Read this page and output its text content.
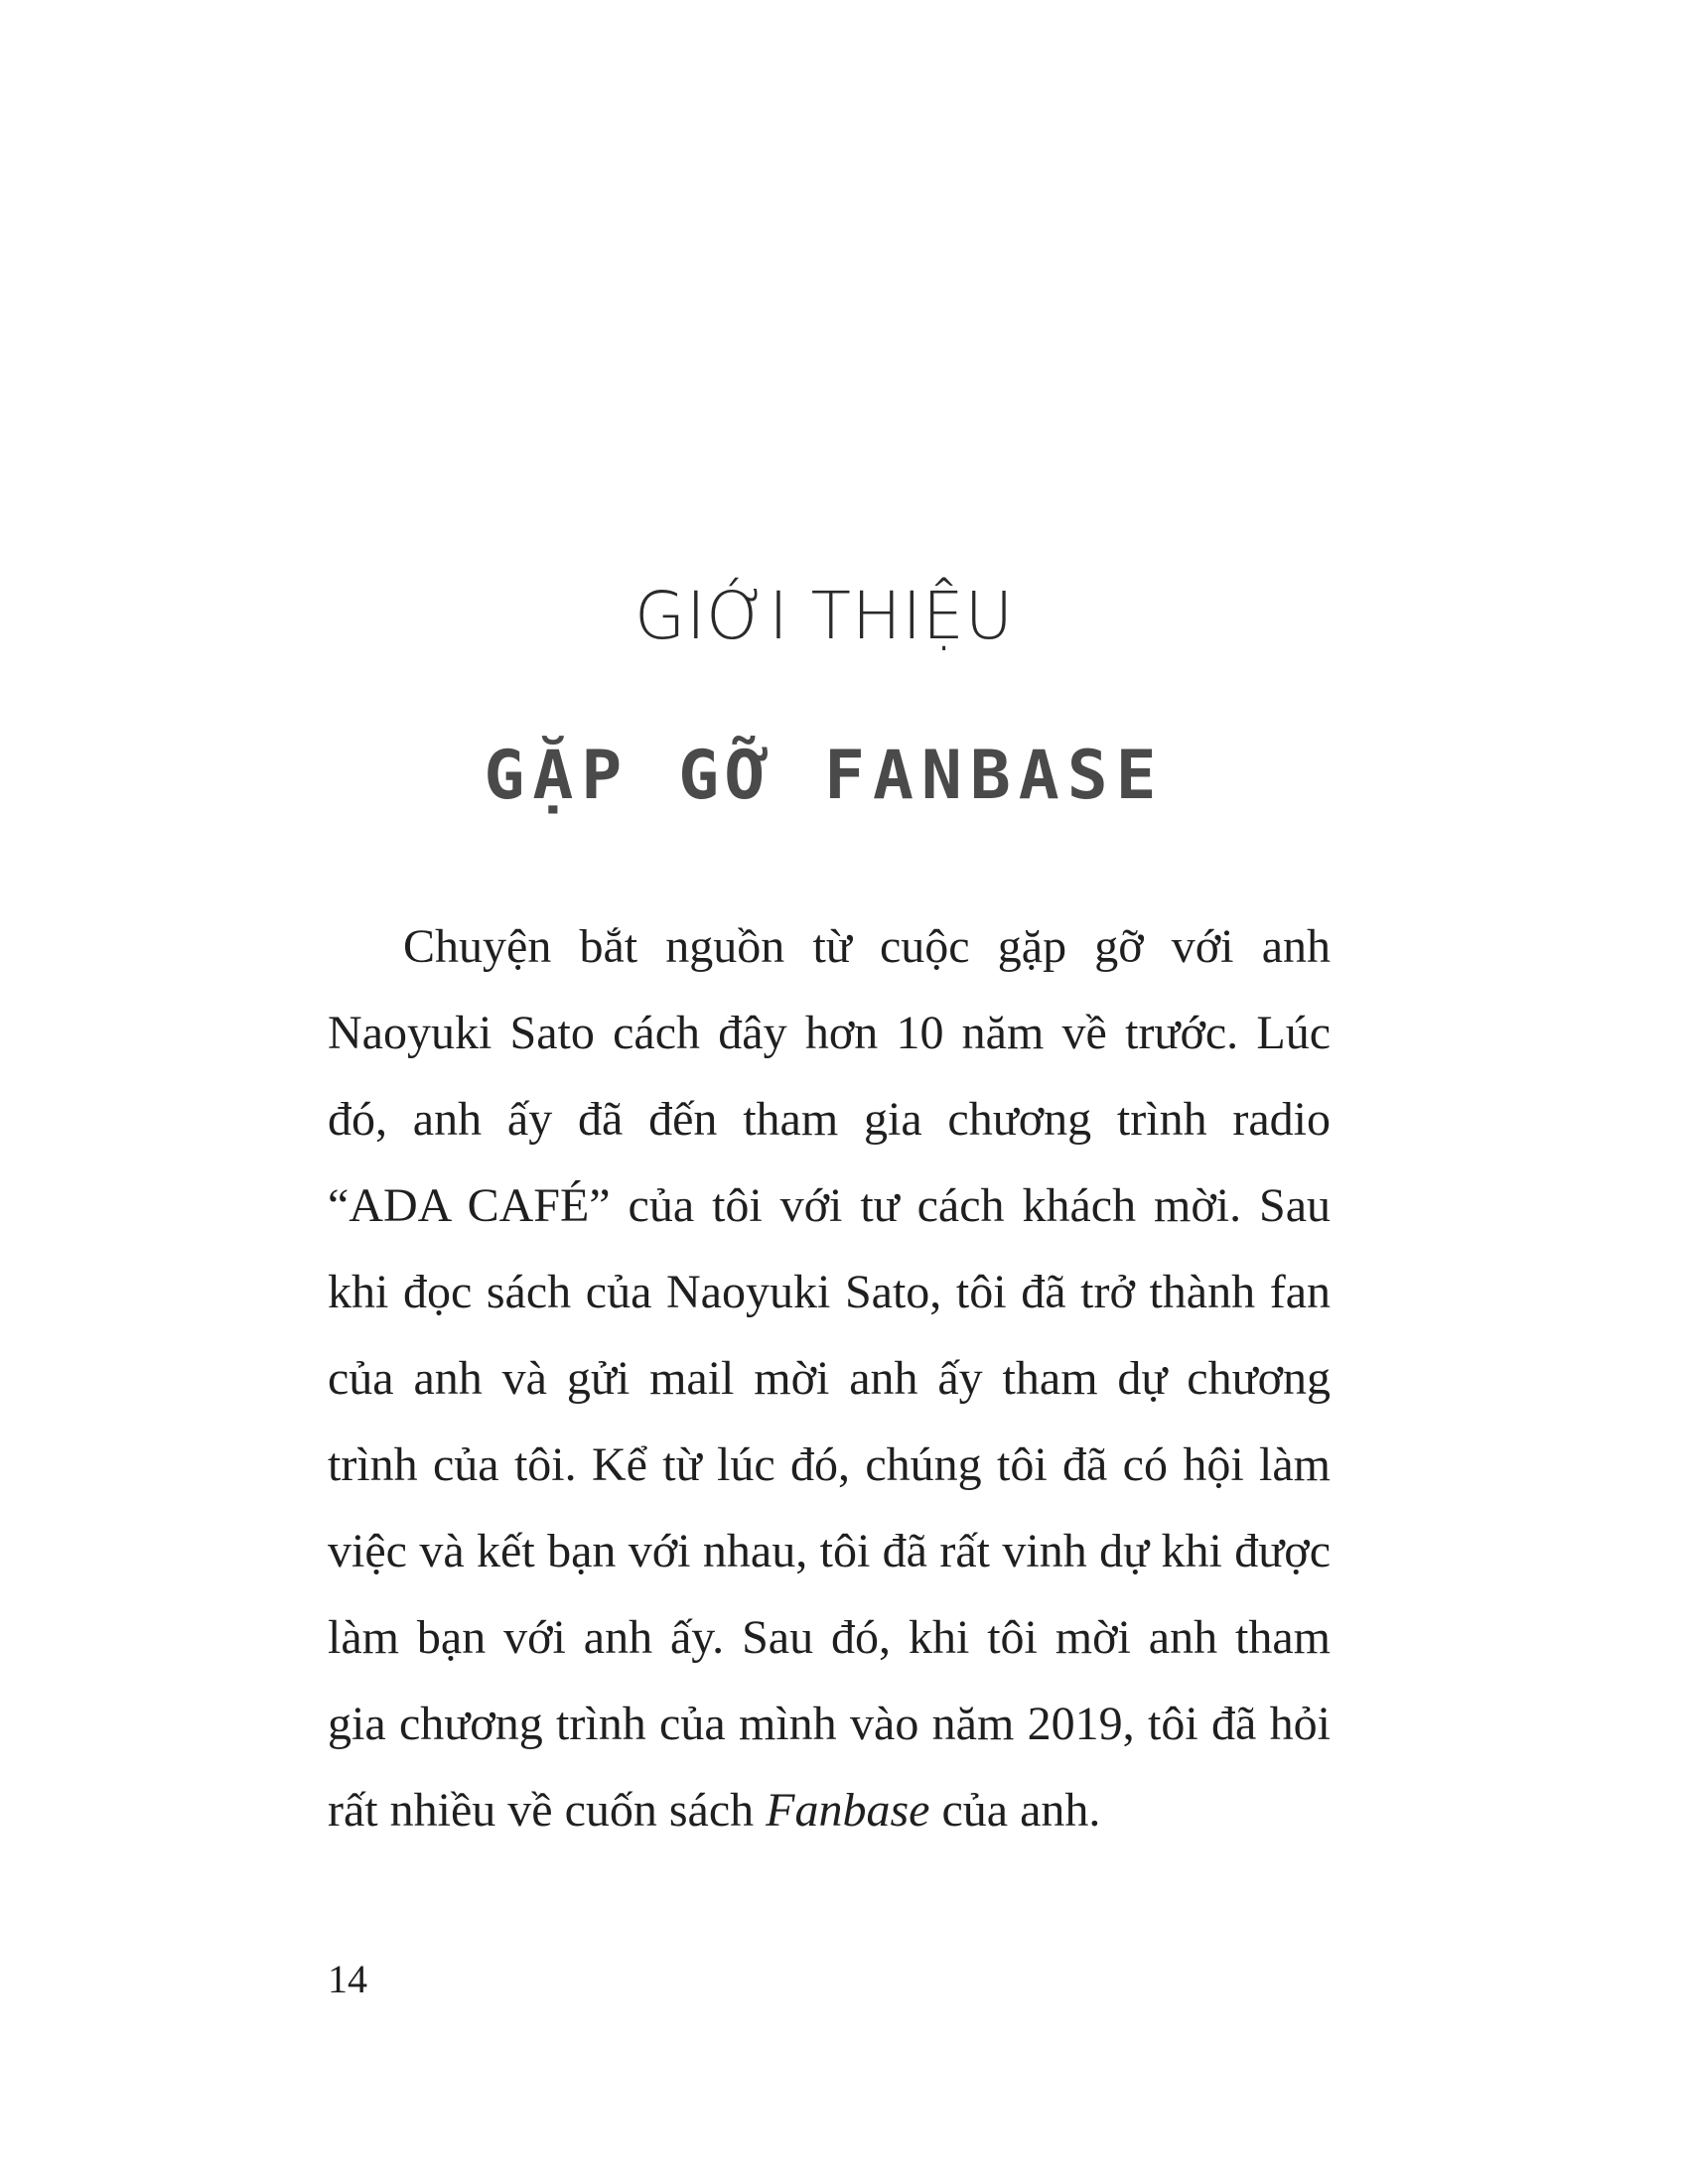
GIỚI THIỆU
GẶP GỠ FANBASE

Chuyện bắt nguồn từ cuộc gặp gỡ với anh Naoyuki Sato cách đây hơn 10 năm về trước. Lúc đó, anh ấy đã đến tham gia chương trình radio “ADA CAFÉ” của tôi với tư cách khách mời. Sau khi đọc sách của Naoyuki Sato, tôi đã trở thành fan của anh và gửi mail mời anh ấy tham dự chương trình của tôi. Kể từ lúc đó, chúng tôi đã có hội làm việc và kết bạn với nhau, tôi đã rất vinh dự khi được làm bạn với anh ấy. Sau đó, khi tôi mời anh tham gia chương trình của mình vào năm 2019, tôi đã hỏi rất nhiều về cuốn sách Fanbase của anh.

14
